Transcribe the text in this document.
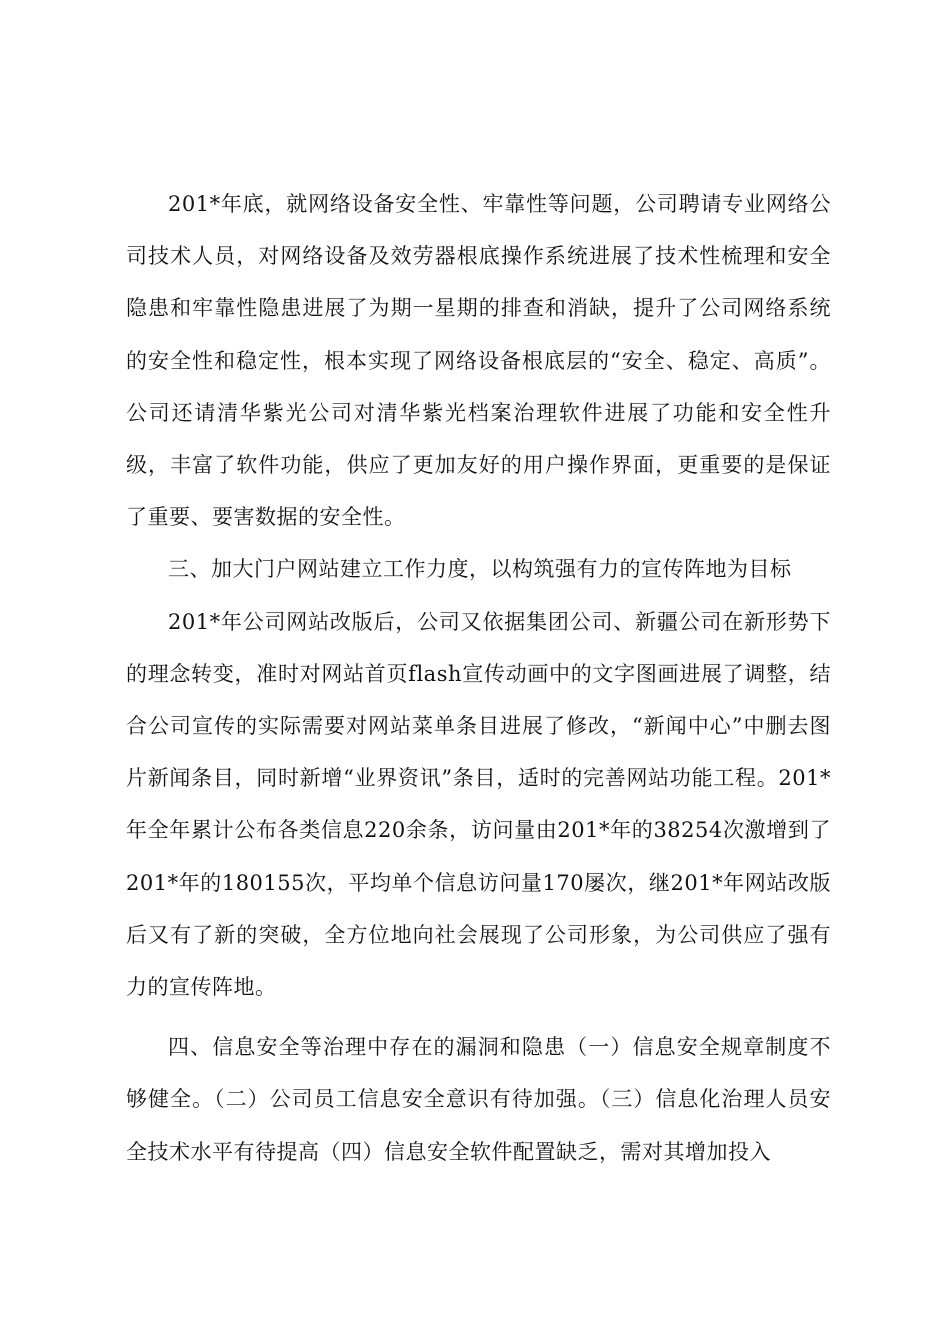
201*年底，就网络设备安全性、牢靠性等问题，公司聘请专业网络公司技术人员，对网络设备及效劳器根底操作系统进展了技术性梳理和安全隐患和牢靠性隐患进展了为期一星期的排查和消缺，提升了公司网络系统的安全性和稳定性，根本实现了网络设备根底层的“安全、稳定、高质”。公司还请清华紫光公司对清华紫光档案治理软件进展了功能和安全性升级，丰富了软件功能，供应了更加友好的用户操作界面，更重要的是保证了重要、要害数据的安全性。

三、加大门户网站建立工作力度，以构筑强有力的宣传阵地为目标

201*年公司网站改版后，公司又依据集团公司、新疆公司在新形势下的理念转变，准时对网站首页flash宣传动画中的文字图画进展了调整，结合公司宣传的实际需要对网站菜单条目进展了修改，“新闻中心”中删去图片新闻条目，同时新增“业界资讯”条目，适时的完善网站功能工程。201*年全年累计公布各类信息220余条，访问量由201*年的38254次激增到了201*年的180155次，平均单个信息访问量170屡次，继201*年网站改版后又有了新的突破，全方位地向社会展现了公司形象，为公司供应了强有力的宣传阵地。

四、信息安全等治理中存在的漏洞和隐患（一）信息安全规章制度不够健全。（二）公司员工信息安全意识有待加强。（三）信息化治理人员安全技术水平有待提高（四）信息安全软件配置缺乏，需对其增加投入
